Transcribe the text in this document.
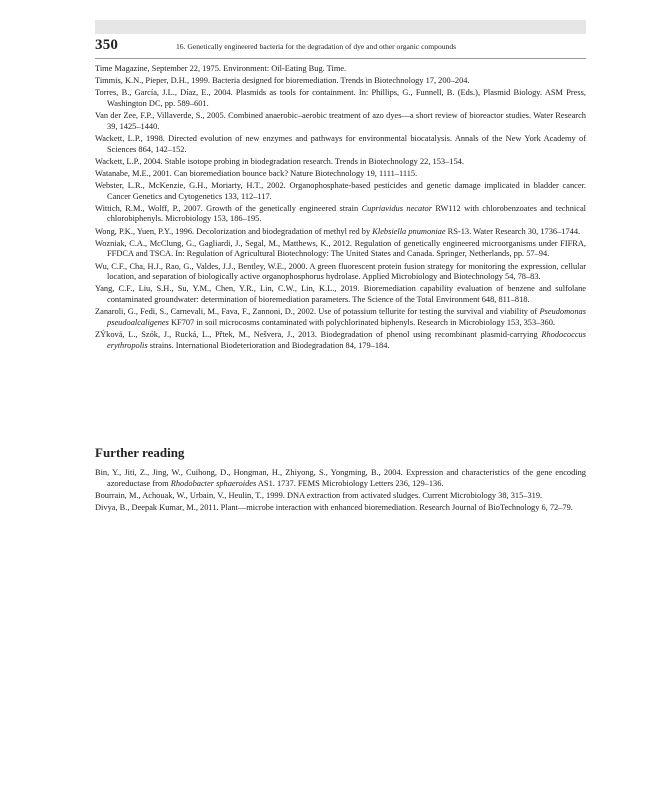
350	16. Genetically engineered bacteria for the degradation of dye and other organic compounds

Time Magazine, September 22, 1975. Environment: Oil-Eating Bug. Time.

Timmis, K.N., Pieper, D.H., 1999. Bacteria designed for bioremediation. Trends in Biotechnology 17, 200–204.

Torres, B., García, J.L., Díaz, E., 2004. Plasmids as tools for containment. In: Phillips, G., Funnell, B. (Eds.), Plasmid Biology. ASM Press, Washington DC, pp. 589–601.

Van der Zee, F.P., Villaverde, S., 2005. Combined anaerobic–aerobic treatment of azo dyes—a short review of bioreactor studies. Water Research 39, 1425–1440.

Wackett, L.P., 1998. Directed evolution of new enzymes and pathways for environmental biocatalysis. Annals of the New York Academy of Sciences 864, 142–152.

Wackett, L.P., 2004. Stable isotope probing in biodegradation research. Trends in Biotechnology 22, 153–154.

Watanabe, M.E., 2001. Can bioremediation bounce back? Nature Biotechnology 19, 1111–1115.

Webster, L.R., McKenzie, G.H., Moriarty, H.T., 2002. Organophosphate-based pesticides and genetic damage implicated in bladder cancer. Cancer Genetics and Cytogenetics 133, 112–117.

Wittich, R.M., Wolff, P., 2007. Growth of the genetically engineered strain Cupriavidus necator RW112 with chlorobenzoates and technical chlorobiphenyls. Microbiology 153, 186–195.

Wong, P.K., Yuen, P.Y., 1996. Decolorization and biodegradation of methyl red by Klebsiella pnumoniae RS-13. Water Research 30, 1736–1744.

Wozniak, C.A., McClung, G., Gagliardi, J., Segal, M., Matthews, K., 2012. Regulation of genetically engineered microorganisms under FIFRA, FFDCA and TSCA. In: Regulation of Agricultural Biotechnology: The United States and Canada. Springer, Netherlands, pp. 57–94.

Wu, C.F., Cha, H.J., Rao, G., Valdes, J.J., Bentley, W.E., 2000. A green fluorescent protein fusion strategy for monitoring the expression, cellular location, and separation of biologically active organophosphorus hydrolase. Applied Microbiology and Biotechnology 54, 78–83.

Yang, C.F., Liu, S.H., Su, Y.M., Chen, Y.R., Lin, C.W., Lin, K.L., 2019. Bioremediation capability evaluation of benzene and sulfolane contaminated groundwater: determination of bioremediation parameters. The Science of the Total Environment 648, 811–818.

Zanaroli, G., Fedi, S., Carnevali, M., Fava, F., Zannoni, D., 2002. Use of potassium tellurite for testing the survival and viability of Pseudomonas pseudoalcaligenes KF707 in soil microcosms contaminated with polychlorinated biphenyls. Research in Microbiology 153, 353–360.

ZÝková, L., Szók, J., Rucká, L., Přtek, M., Nešvera, J., 2013. Biodegradation of phenol using recombinant plasmid-carrying Rhodococcus erythropolis strains. International Biodeterioration and Biodegradation 84, 179–184.

Further reading

Bin, Y., Jiti, Z., Jing, W., Cuihong, D., Hongman, H., Zhiyong, S., Yongming, B., 2004. Expression and characteristics of the gene encoding azoreductase from Rhodobacter sphaeroides AS1. 1737. FEMS Microbiology Letters 236, 129–136.

Bourrain, M., Achouak, W., Urbain, V., Heulin, T., 1999. DNA extraction from activated sludges. Current Microbiology 38, 315–319.

Divya, B., Deepak Kumar, M., 2011. Plant—microbe interaction with enhanced bioremediation. Research Journal of BioTechnology 6, 72–79.
